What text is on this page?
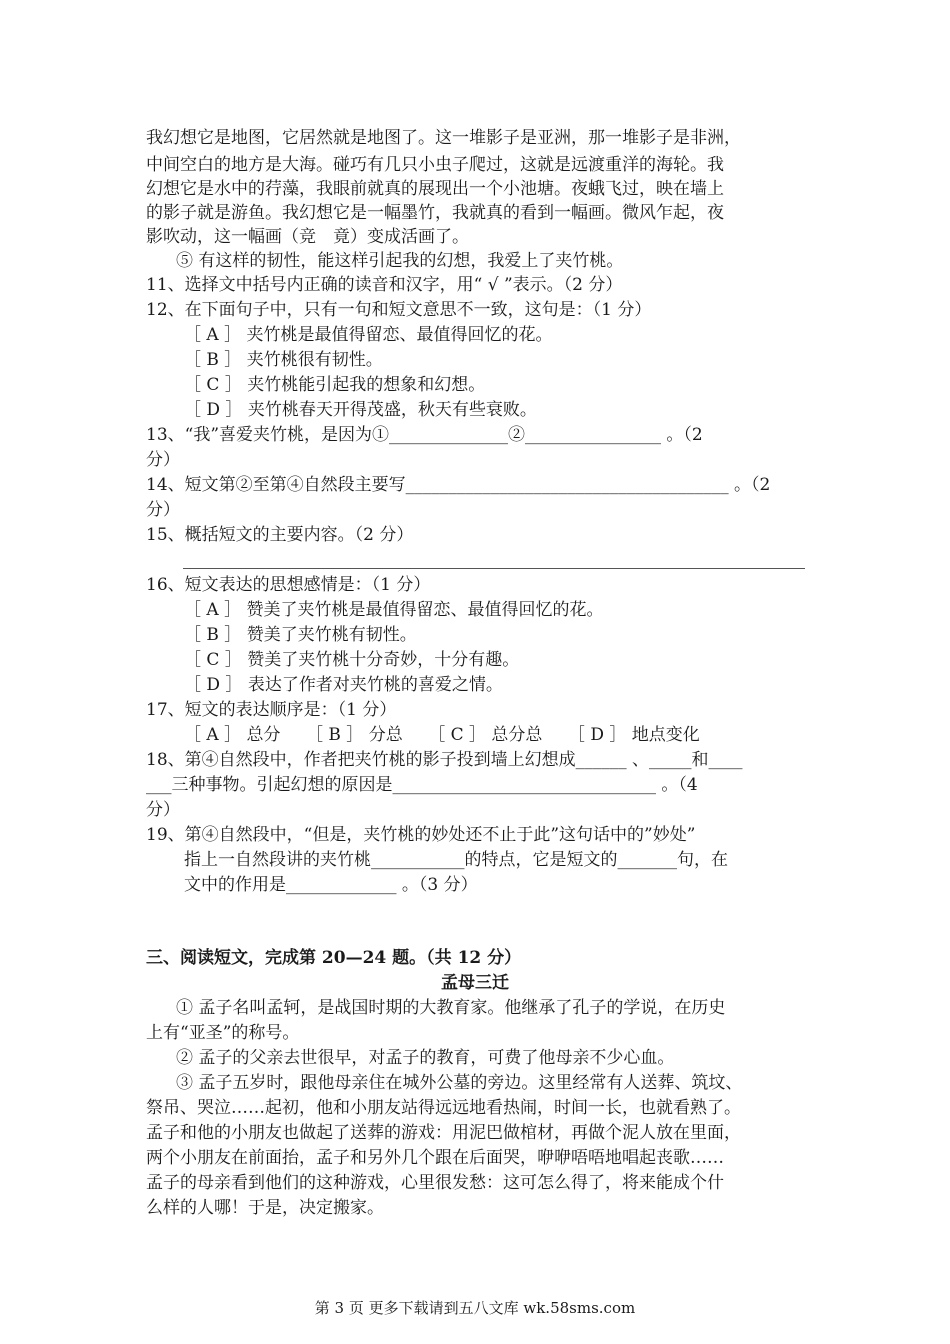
我幻想它是地图，它居然就是地图了。这一堆影子是亚洲，那一堆影子是非洲，
中间空白的地方是大海。碰巧有几只小虫子爬过，这就是远渡重洋的海轮。我
幻想它是水中的荇藻，我眼前就真的展现出一个小池塘。夜蛾飞过，映在墙上
的影子就是游鱼。我幻想它是一幅墨竹，我就真的看到一幅画。微风乍起，夜
影吹动，这一幅画（竞　竟）变成活画了。
⑤ 有这样的韧性，能这样引起我的幻想，我爱上了夹竹桃。
11、选择文中括号内正确的读音和汉字，用“ √ ”表示。（2 分）
12、在下面句子中，只有一句和短文意思不一致，这句是：（1 分）
［ A ］ 夹竹桃是最值得留恋、最值得回忆的花。
［ B ］ 夹竹桃很有韧性。
［ C ］ 夹竹桃能引起我的想象和幻想。
［ D ］ 夹竹桃春天开得茂盛，秋天有些衰败。
13、“我”喜爱夹竹桃，是因为①______________②________________ 。（2
分）
14、短文第②至第④自然段主要写______________________________________ 。（2
分）
15、概括短文的主要内容。（2 分）
16、短文表达的思想感情是：（1 分）
［ A ］ 赞美了夹竹桃是最值得留恋、最值得回忆的花。
［ B ］ 赞美了夹竹桃有韧性。
［ C ］ 赞美了夹竹桃十分奇妙，十分有趣。
［ D ］ 表达了作者对夹竹桃的喜爱之情。
17、短文的表达顺序是：（1 分）
［ A ］ 总分　　［ B ］ 分总　　［ C ］ 总分总　　［ D ］ 地点变化
18、第④自然段中，作者把夹竹桃的影子投到墙上幻想成______ 、_____和____
___三种事物。引起幻想的原因是_______________________________ 。（4
分）
19、第④自然段中，“但是，夹竹桃的妙处还不止于此”这句话中的”妙处”
指上一自然段讲的夹竹桃___________的特点，它是短文的_______句，在
文中的作用是_____________ 。（3 分）
三、阅读短文，完成第 20—24 题。（共 12 分）
孟母三迁
① 孟子名叫孟轲，是战国时期的大教育家。他继承了孔子的学说，在历史
上有“亚圣”的称号。
② 孟子的父亲去世很早，对孟子的教育，可费了他母亲不少心血。
③ 孟子五岁时，跟他母亲住在城外公墓的旁边。这里经常有人送葬、筑坟、
祭吊、哭泣……起初，他和小朋友站得远远地看热闹，时间一长，也就看熟了。
孟子和他的小朋友也做起了送葬的游戏：用泥巴做棺材，再做个泥人放在里面，
两个小朋友在前面抬，孟子和另外几个跟在后面哭，咿咿唔唔地唱起丧歌……
孟子的母亲看到他们的这种游戏，心里很发愁：这可怎么得了，将来能成个什
么样的人哪！于是，决定搬家。
第 3 页 更多下载请到五八文库 wk.58sms.com
